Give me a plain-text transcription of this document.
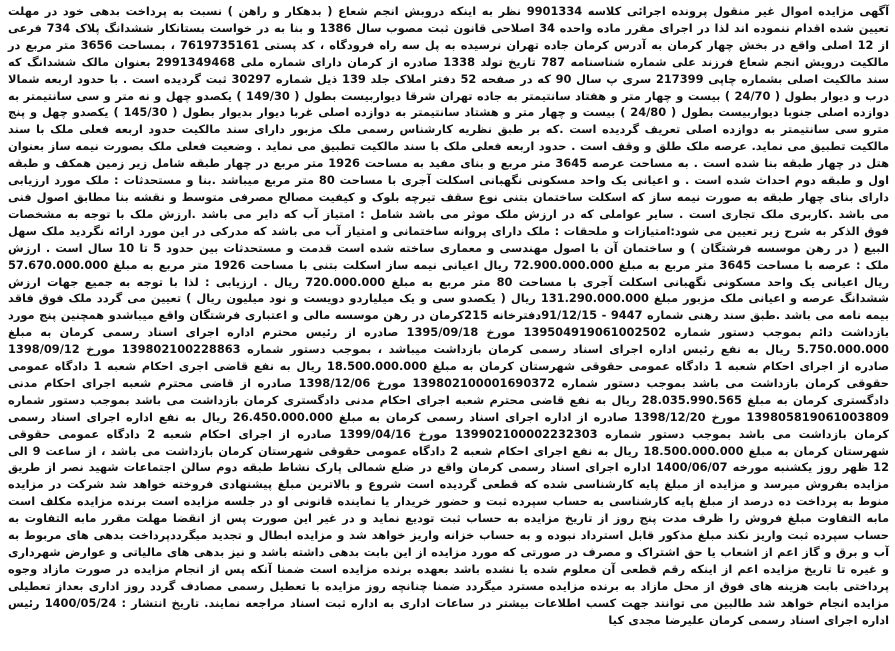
آگهی مزایده اموال غیر منقول پرونده اجرائی کلاسه 9901334 نظر به اینکه دروبش انجم شعاع ( بدهکار و راهن ) نسبت به پرداخت بدهی خود در مهلت تعیین شده اقدام ننموده اند لذا در اجرای مقرر ماده واحده 34 اصلاحی قانون ثبت مصوب سال 1386 و بنا به در خواست بستانکار ششدانگ پلاک 734 فرعی از 12 اصلی واقع در بخش چهار کرمان به آدرس کرمان جاده تهران نرسیده به پل سه راه فرودگاه ، کد پستی 7619735161 ، بمساحت 3656 متر مربع در مالکیت درویش انجم شعاع فرزند علی شماره شناسنامه 787 تاریخ تولد 1338 صادره از کرمان دارای شماره ملی 2991349468 بعنوان مالک ششدانگ که سند مالکیت اصلی بشماره چاپی 217399 سری پ سال 90 که در صفحه 52 دفتر املاک جلد 139 ذیل شماره 30297 ثبت گردیده است . با حدود اربعه شمالا درب و دیوار بطول ( 24/70 ) بیست و چهار متر و هفتاد سانتیمتر به جاده تهران شرقا دیواربیست بطول ( 149/30 ) یکصدو چهل و نه متر و سی سانتیمتر به دوازده اصلی جنوبا دیواربیست بطول ( 24/80 ) بیست و چهار متر و هشتاد سانتیمتر به دوازده اصلی غربا دیوار بدیوار بطول ( 145/30 ) یکصدو چهل و پنج مترو سی سانتیمتر به دوازده اصلی تعریف گردیده است .که بر طبق نظریه کارشناس رسمی ملک مزبور دارای سند مالکیت حدود اربعه فعلی ملک با سند مالکیت تطبیق می نماید. عرصه ملک طلق و وقف است . حدود اربعه فعلی ملک با سند مالکیت تطبیق می نماید . وضعیت فعلی ملک بصورت نیمه ساز بعنوان هتل در چهار طبقه بنا شده است . به مساحت عرصه 3645 متر مربع و بنای مفید به مساحت 1926 متر مربع در چهار طبقه شامل زیر زمین همکف و طبقه اول و طبقه دوم احداث شده است . و اعیانی یک واحد مسکونی نگهبانی اسکلت آجری با مساحت 80 متر مربع میباشد .بنا و مستحدثات : ملک مورد ارزیابی دارای بنای چهار طبقه به صورت نیمه ساز که اسکلت ساختمان بتنی نوع سقف تیرچه بلوک و کیفیت مصالح مصرفی متوسط و نقشه بنا مطابق اصول فنی می باشد .کاربری ملک تجاری است . سایر عواملی که در ارزش ملک موثر می باشد شامل : امتیاز آب که دایر می باشد .ارزش ملک با توجه به مشخصات فوق الذکر به شرح زیر تعیین می شود:امتیازات و ملحقات : ملک دارای پروانه ساختمانی و امتیاز آب می باشد که مدرکی در این مورد ارائه نگردید ملک سهل البیع ( در رهن موسسه فرشتگان ) و ساختمان آن با اصول مهندسی و معماری ساخته شده است قدمت و مستحدثات بین حدود 5 تا 10 سال است . ارزش ملک : عرصه با مساحت 3645 متر مربع به مبلغ 72.900.000.000 ریال اعیانی نیمه ساز اسکلت بتنی با مساحت 1926 متر مربع به مبلغ 57.670.000.000 ریال اعیانی یک واحد مسکونی نگهبانی اسکلت آجری با مساحت 80 متر مربع به مبلغ 720.000.000 ریال . ارزیابی : لذا با توجه به جمیع جهات ارزش ششدانگ عرصه و اعیانی ملک مزبور مبلغ 131.290.000.000 ریال ( یکصدو سی و یک میلیاردو دویست و نود میلیون ریال ) تعیین می گردد ملک فوق فاقد بیمه نامه می باشد .طبق سند رهنی شماره 9447 - 91/12/15دفترخانه 215کرمان در رهن موسسه مالی و اعتباری فرشتگان واقع میباشدو همچنین پنج مورد بازداشت دائم بموجب دستور شماره 139504919061002502 مورخ 1395/09/18 صادره از رئیس محترم اداره اجرای اسناد رسمی کرمان به مبلغ 5.750.000.000 ریال به نفع رئیس اداره اجرای اسناد رسمی کرمان بازداشت میباشد ، بموجب دستور شماره 139802100228863 مورخ 1398/09/12 صادره از اجرای احکام شعبه 1 دادگاه عمومی حقوقی شهرستان کرمان به مبلغ 18.500.000.000 ریال به نفع قاضی اجری احکام شعبه 1 دادگاه عمومی حقوقی کرمان بازداشت می باشد بموجب دستور شماره 139802100001690372 مورخ 1398/12/06 صادره از قاضی محترم شعبه اجرای احکام مدنی دادگستری کرمان به مبلغ 28.035.990.565 ریال به نفع قاضی محترم شعبه اجرای احکام مدنی دادگستری کرمان بازداشت می باشد بموجب دستور شماره 139805819061003809 مورخ 1398/12/20 صادره از اداره اجرای اسناد رسمی کرمان به مبلغ 26.450.000.000 ریال به نفع اداره اجرای اسناد رسمی کرمان بازداشت می باشد بموجب دستور شماره 139902100002232303 مورخ 1399/04/16 صادره از اجرای احکام شعبه 2 دادگاه عمومی حقوقی شهرستان کرمان به مبلغ 18.500.000.000 ریال به نفع اجرای احکام شعبه 2 دادگاه عمومی حقوقی شهرستان کرمان بازداشت می باشد ، از ساعت 9 الی 12 ظهر روز یکشنبه مورخه 1400/06/07 اداره اجرای اسناد رسمی کرمان واقع در ضلع شمالی پارک نشاط طبقه دوم سالن اجتماعات شهید نصر از طریق مزایده بفروش میرسد و مزایده از مبلغ پایه کارشناسی شده که قطعی گردیده است شروع و بالاترین مبلغ پیشنهادی فروخته خواهد شد شرکت در مزایده منوط به پرداخت ده درصد از مبلغ پایه کارشناسی به حساب سپرده ثبت و حضور خریدار یا نماینده قانونی او در جلسه مزایده است برنده مزایده مکلف است مابه التفاوت مبلغ فروش را ظرف مدت پنج روز از تاریخ مزایده به حساب ثبت تودیع نماید و در غیر این صورت پس از انقضا مهلت مقرر مابه التفاوت به حساب سپرده ثبت واریز نکند مبلغ مذکور قابل استرداد نبوده و به حساب خزانه واریز خواهد شد و مزایده ابطال و تجدید میگرددپرداخت بدهی های مربوط به آب و برق و گاز اعم از اشعاب یا حق اشتراک و مصرف در صورتی که مورد مزایده از این بابت بدهی داشته باشد و نیز بدهی های مالیاتی و عوارض شهرداری و غیره تا تاریخ مزایده اعم از اینکه رقم قطعی آن معلوم شده یا نشده باشد بعهده برنده مزایده است ضمنا آنکه پس از انجام مزایده در صورت مازاد وجوه پرداختی بابت هزینه های فوق از محل مازاد به برنده مزایده مسترد میگردد ضمنا چنانچه روز مزایده با تعطیل رسمی مصادف گردد روز اداری بعداز تعطیلی مزایده انجام خواهد شد طالبین می توانند جهت کسب اطلاعات بیشتر در ساعات اداری به اداره ثبت اسناد مراجعه نمایند. تاریخ انتشار : 1400/05/24 رئیس اداره اجرای اسناد رسمی کرمان علیرضا مجدی کیا
